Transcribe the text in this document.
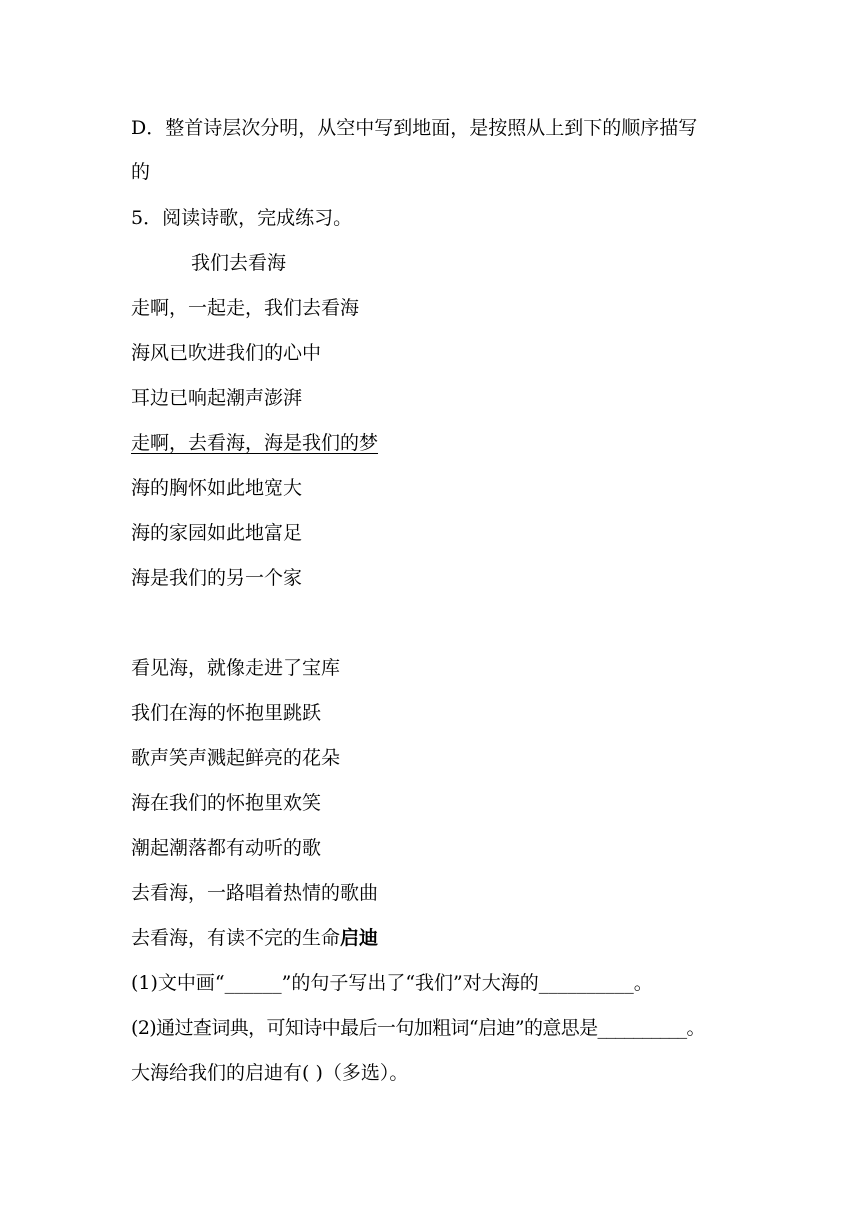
D．整首诗层次分明，从空中写到地面，是按照从上到下的顺序描写
的
5．阅读诗歌，完成练习。
我们去看海
走啊，一起走，我们去看海
海风已吹进我们的心中
耳边已响起潮声澎湃
走啊，去看海，海是我们的梦
海的胸怀如此地宽大
海的家园如此地富足
海是我们的另一个家
看见海，就像走进了宝库
我们在海的怀抱里跳跃
歌声笑声溅起鲜亮的花朵
海在我们的怀抱里欢笑
潮起潮落都有动听的歌
去看海，一路唱着热情的歌曲
去看海，有读不完的生命启迪
(1)文中画“______”的句子写出了“我们”对大海的__________。
(2)通过查词典，可知诗中最后一句加粗词“启迪”的意思是__________。
大海给我们的启迪有( )（多选）。
